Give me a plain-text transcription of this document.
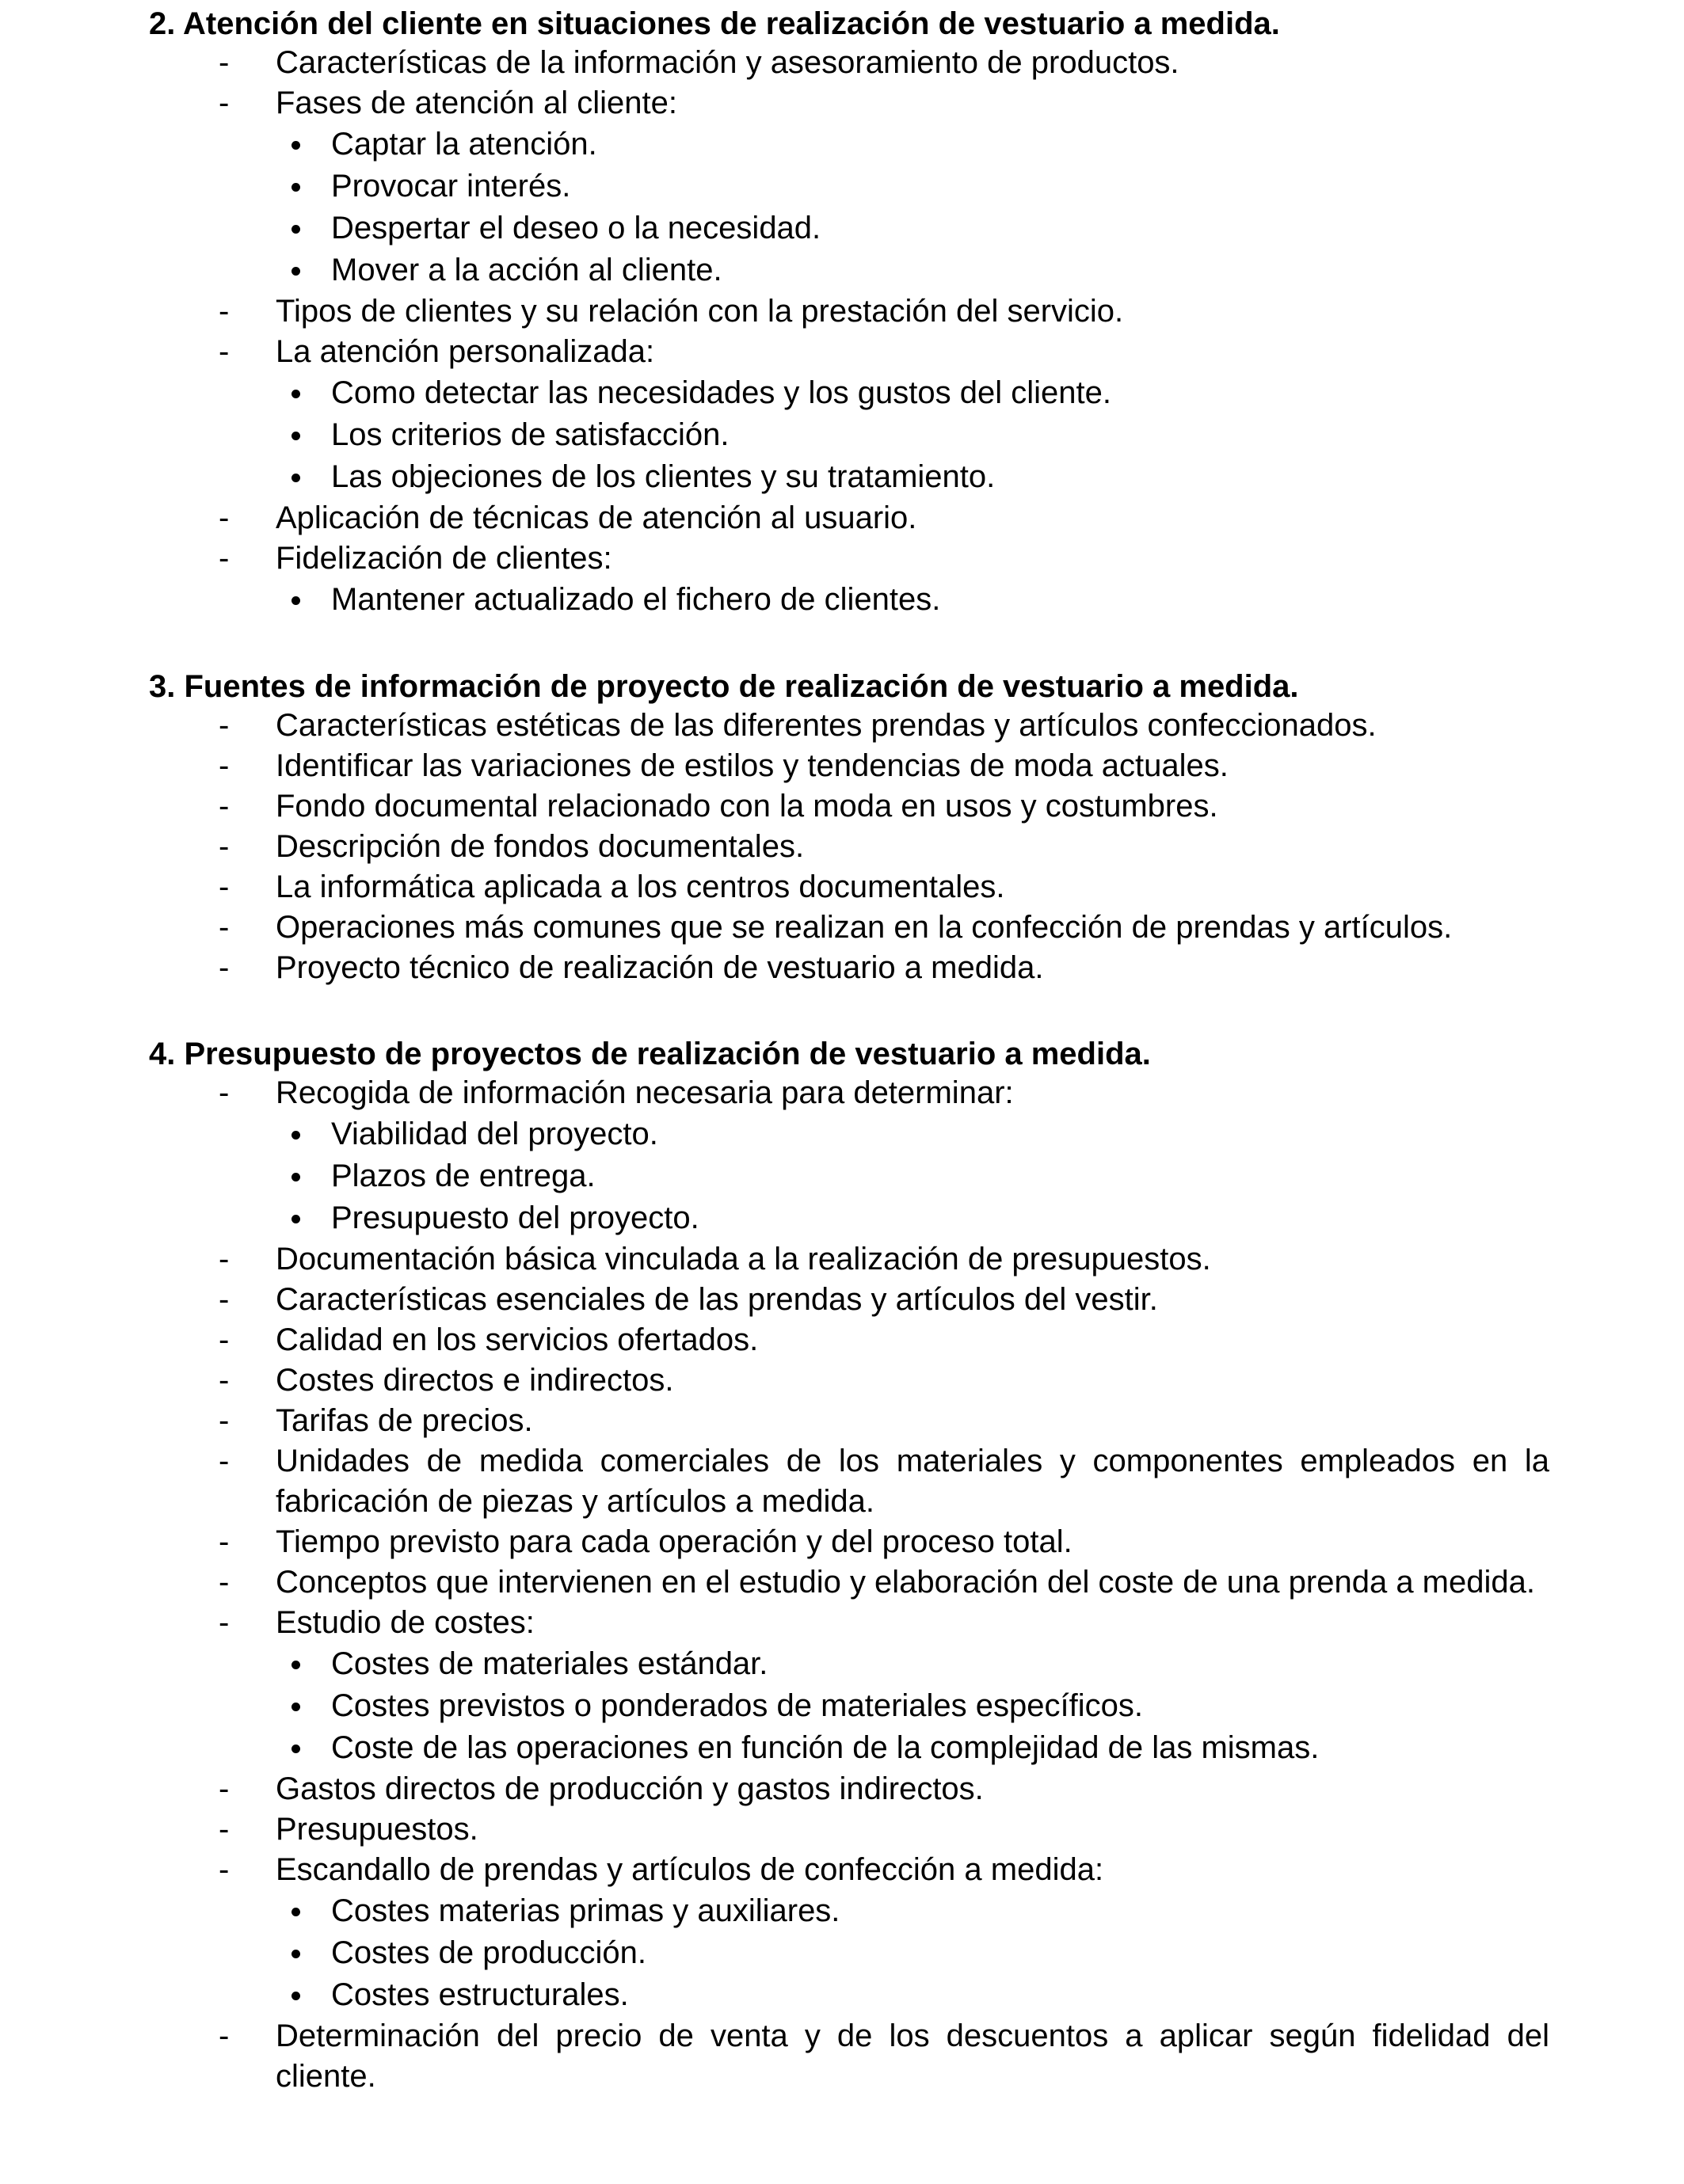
2. Atención del cliente en situaciones de realización de vestuario a medida.
- Características de la información y asesoramiento de productos.
- Fases de atención al cliente:
Captar la atención.
Provocar interés.
Despertar el deseo o la necesidad.
Mover a la acción al cliente.
- Tipos de clientes y su relación con la prestación del servicio.
- La atención personalizada:
Como detectar las necesidades y los gustos del cliente.
Los criterios de satisfacción.
Las objeciones de los clientes y su tratamiento.
- Aplicación de técnicas de atención al usuario.
- Fidelización de clientes:
Mantener actualizado el fichero de clientes.
3. Fuentes de información de proyecto de realización de vestuario a medida.
- Características estéticas de las diferentes prendas y artículos confeccionados.
- Identificar las variaciones de estilos y tendencias de moda actuales.
- Fondo documental relacionado con la moda en usos y costumbres.
- Descripción de fondos documentales.
- La informática aplicada a los centros documentales.
- Operaciones más comunes que se realizan en la confección de prendas y artículos.
- Proyecto técnico de realización de vestuario a medida.
4. Presupuesto de proyectos de realización de vestuario a medida.
- Recogida de información necesaria para determinar:
Viabilidad del proyecto.
Plazos de entrega.
Presupuesto del proyecto.
- Documentación básica vinculada a la realización de presupuestos.
- Características esenciales de las prendas y artículos del vestir.
- Calidad en los servicios ofertados.
- Costes directos e indirectos.
- Tarifas de precios.
- Unidades de medida comerciales de los materiales y componentes empleados en la fabricación de piezas y artículos a medida.
- Tiempo previsto para cada operación y del proceso total.
- Conceptos que intervienen en el estudio y elaboración del coste de una prenda a medida.
- Estudio de costes:
Costes de materiales estándar.
Costes previstos o ponderados de materiales específicos.
Coste de las operaciones en función de la complejidad de las mismas.
- Gastos directos de producción y gastos indirectos.
- Presupuestos.
- Escandallo de prendas y artículos de confección a medida:
Costes materias primas y auxiliares.
Costes de producción.
Costes estructurales.
- Determinación del precio de venta y de los descuentos a aplicar según fidelidad del cliente.
